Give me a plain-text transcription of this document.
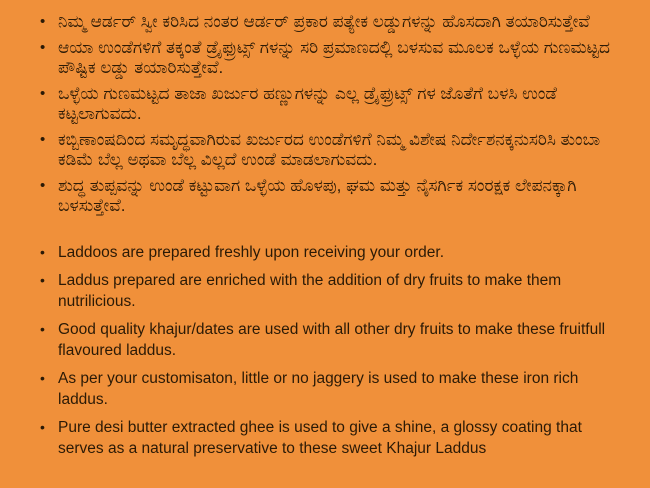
• ನಿಮ್ಮ ಆರ್ಡರ್ ಸ್ವೀ ಕರಿಸಿದ ನಂತರ ಆರ್ಡರ್ ಪ್ರಕಾರ ಪತ್ಯೇಕ ಲಡ್ಡುಗಳನ್ನು ಹೊಸದಾಗಿ ತಯಾರಿಸುತ್ತೇವೆ
• ಆಯಾ ಉಂಡೆಗಳಿಗೆ ತಕ್ಕಂತೆ ಡ್ರೈಫ್ರುಟ್ಸ್ ಗಳನ್ನು ಸರಿ ಪ್ರಮಾಣದಲ್ಲಿ ಬಳಸುವ ಮೂಲಕ ಒಳ್ಳೆಯ ಗುಣಮಟ್ಟದ ಪೌಷ್ಟಿಕ ಲಡ್ಡು ತಯಾರಿಸುತ್ತೇವೆ.
• ಒಳ್ಳೆಯ ಗುಣಮಟ್ಟದ ತಾಜಾ ಖರ್ಜುರ ಹಣ್ಣುಗಳನ್ನು ಎಲ್ಲ ಡ್ರೈಫ್ರುಟ್ಸ್ ಗಳ ಜೊತೆಗೆ ಬಳಸಿ ಉಂಡೆ ಕಟ್ಟಲಾಗುವದು.
• ಕಬ್ಬಿಣಾಂಷದಿಂದ ಸಮೃದ್ಧವಾಗಿರುವ ಖರ್ಜುರದ ಉಂಡೆಗಳಿಗೆ ನಿಮ್ಮ ವಿಶೇಷ ನಿರ್ದೇಶನಕ್ಕನುಸರಿಸಿ ತುಂಬಾ ಕಡಿಮೆ ಬೆಲ್ಲ ಅಥವಾ ಬೆಲ್ಲ ವಿಲ್ಲದೆ ಉಂಡೆ ಮಾಡಲಾಗುವದು.
• ಶುದ್ಧ ತುಪ್ಪವನ್ನು ಉಂಡೆ ಕಟ್ಟುವಾಗ ಒಳ್ಳೆಯ ಹೊಳಪು, ಘಮ ಮತ್ತು ನೈಸರ್ಗಿಕ ಸಂರಕ್ಷಕ ಲೇಪನಕ್ಕಾಗಿ ಬಳಸುತ್ತೇವೆ.
• Laddoos are prepared freshly upon receiving your order.
• Laddus prepared are enriched with the addition of dry fruits to make them nutrilicious.
• Good quality khajur/dates are used with all other dry fruits to make these fruitfull flavoured laddus.
• As per your customisaton, little or no jaggery is used to make these iron rich laddus.
• Pure desi butter extracted ghee is used to give a shine, a glossy coating that serves as a natural preservative to these sweet Khajur Laddus
